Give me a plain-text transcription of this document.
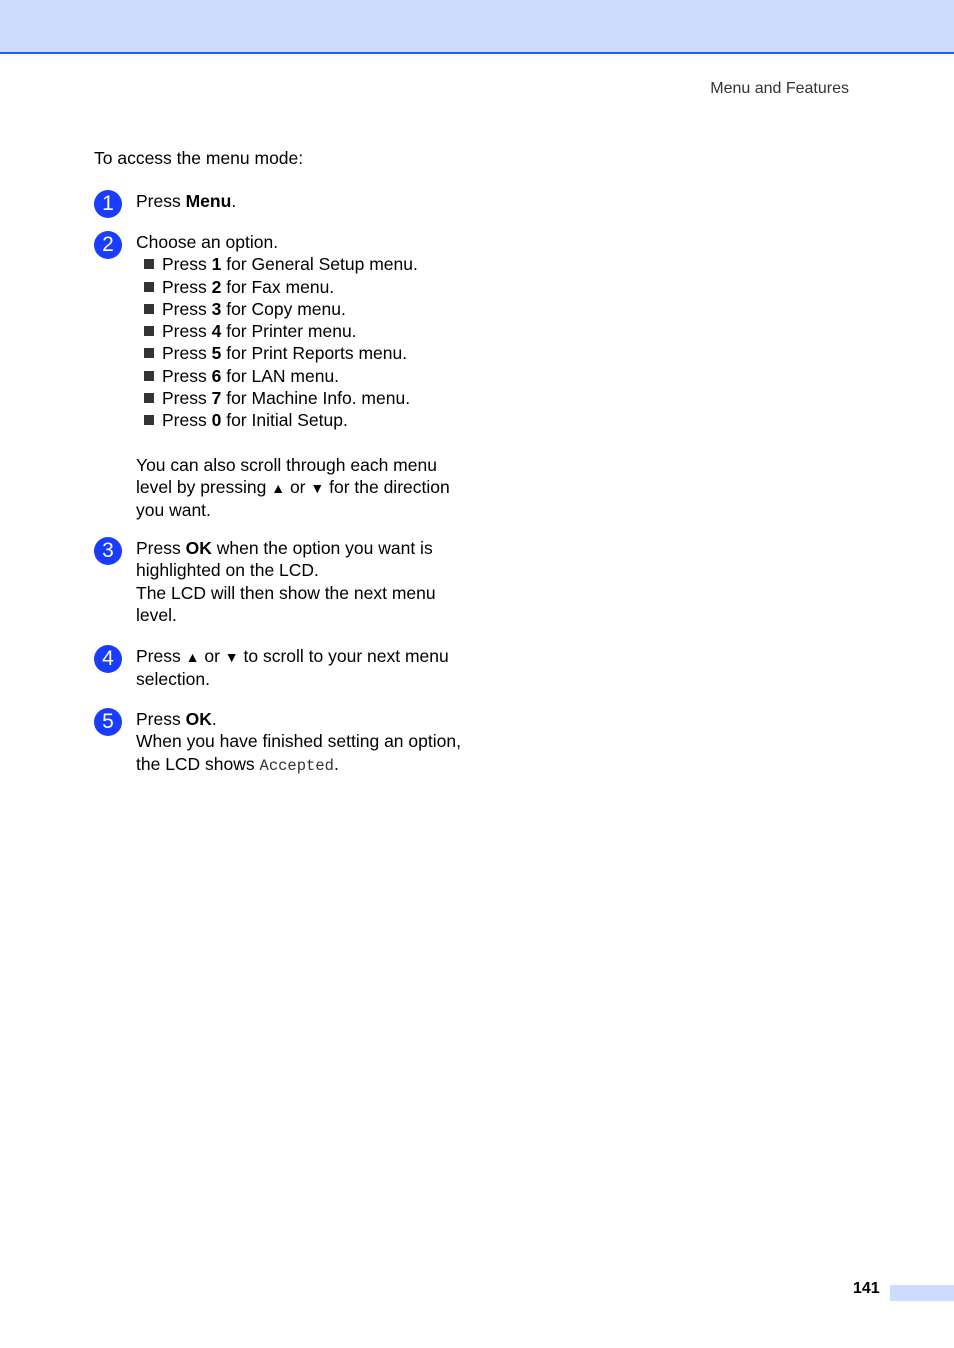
Menu and Features
To access the menu mode:
1	Press Menu.

2	Choose an option.

Press 1 for General Setup menu.
Press 2 for Fax menu.
Press 3 for Copy menu.
Press 4 for Printer menu.
Press 5 for Print Reports menu.
Press 6 for LAN menu.
Press 7 for Machine Info. menu.
Press 0 for Initial Setup.

You can also scroll through each menu level by pressing ▲ or ▼ for the direction you want.

3	Press OK when the option you want is highlighted on the LCD.

The LCD will then show the next menu level.

4	Press ▲ or ▼ to scroll to your next menu selection.

5	Press OK.

When you have finished setting an option, the LCD shows Accepted.

141
